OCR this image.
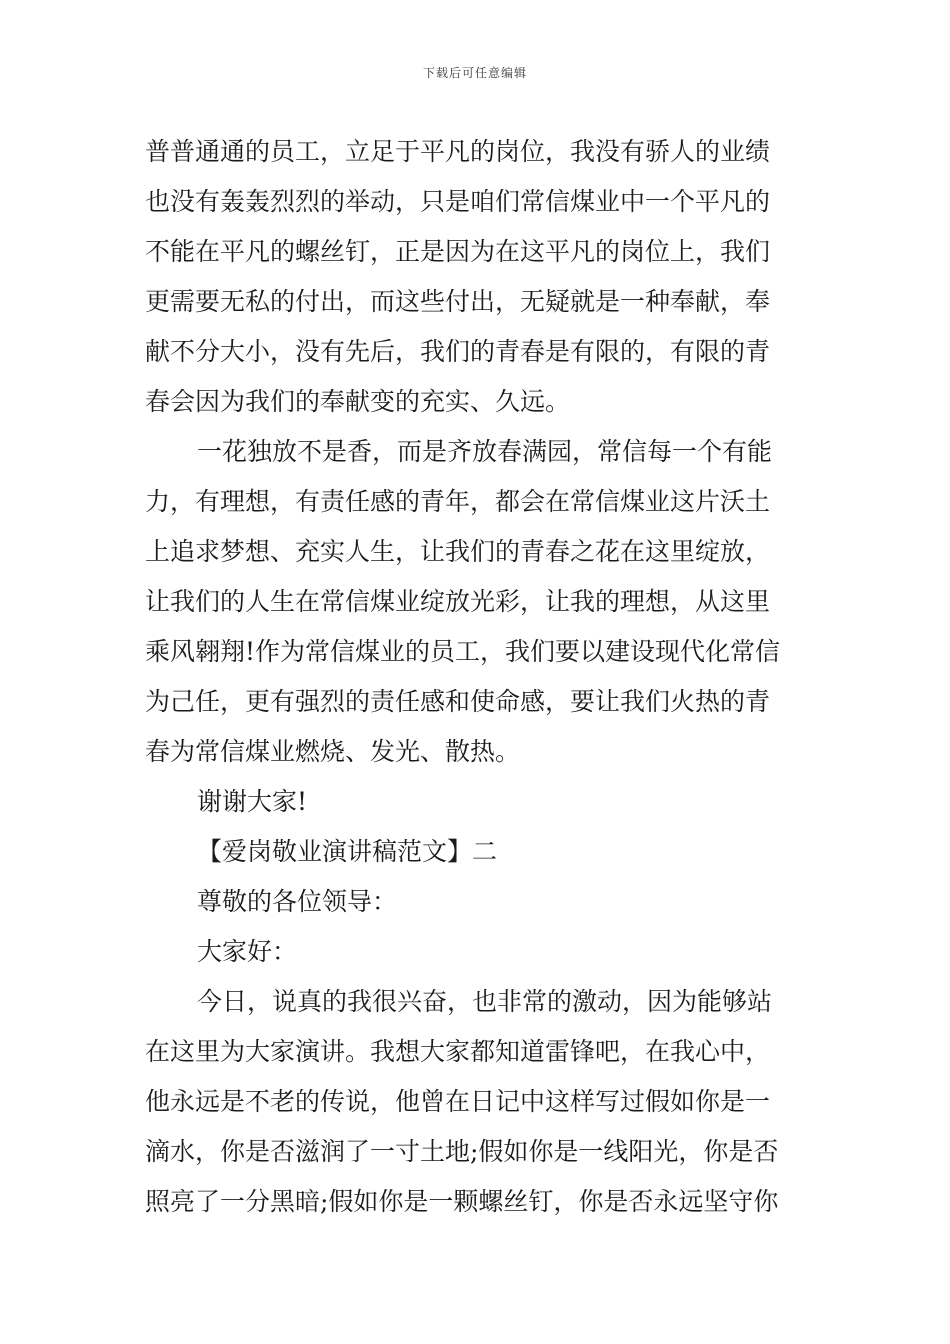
下载后可任意编辑
普普通通的员工，立足于平凡的岗位，我没有骄人的业绩
也没有轰轰烈烈的举动，只是咱们常信煤业中一个平凡的
不能在平凡的螺丝钉，正是因为在这平凡的岗位上，我们
更需要无私的付出，而这些付出，无疑就是一种奉献，奉
献不分大小，没有先后，我们的青春是有限的，有限的青
春会因为我们的奉献变的充实、久远。
一花独放不是香，而是齐放春满园，常信每一个有能
力，有理想，有责任感的青年，都会在常信煤业这片沃土
上追求梦想、充实人生，让我们的青春之花在这里绽放，
让我们的人生在常信煤业绽放光彩，让我的理想，从这里
乘风翱翔!作为常信煤业的员工，我们要以建设现代化常信
为己任，更有强烈的责任感和使命感，要让我们火热的青
春为常信煤业燃烧、发光、散热。
谢谢大家!
【爱岗敬业演讲稿范文】二
尊敬的各位领导：
大家好：
今日，说真的我很兴奋，也非常的激动，因为能够站
在这里为大家演讲。我想大家都知道雷锋吧，在我心中，
他永远是不老的传说，他曾在日记中这样写过假如你是一
滴水，你是否滋润了一寸土地;假如你是一线阳光，你是否
照亮了一分黑暗;假如你是一颗螺丝钉，你是否永远坚守你
